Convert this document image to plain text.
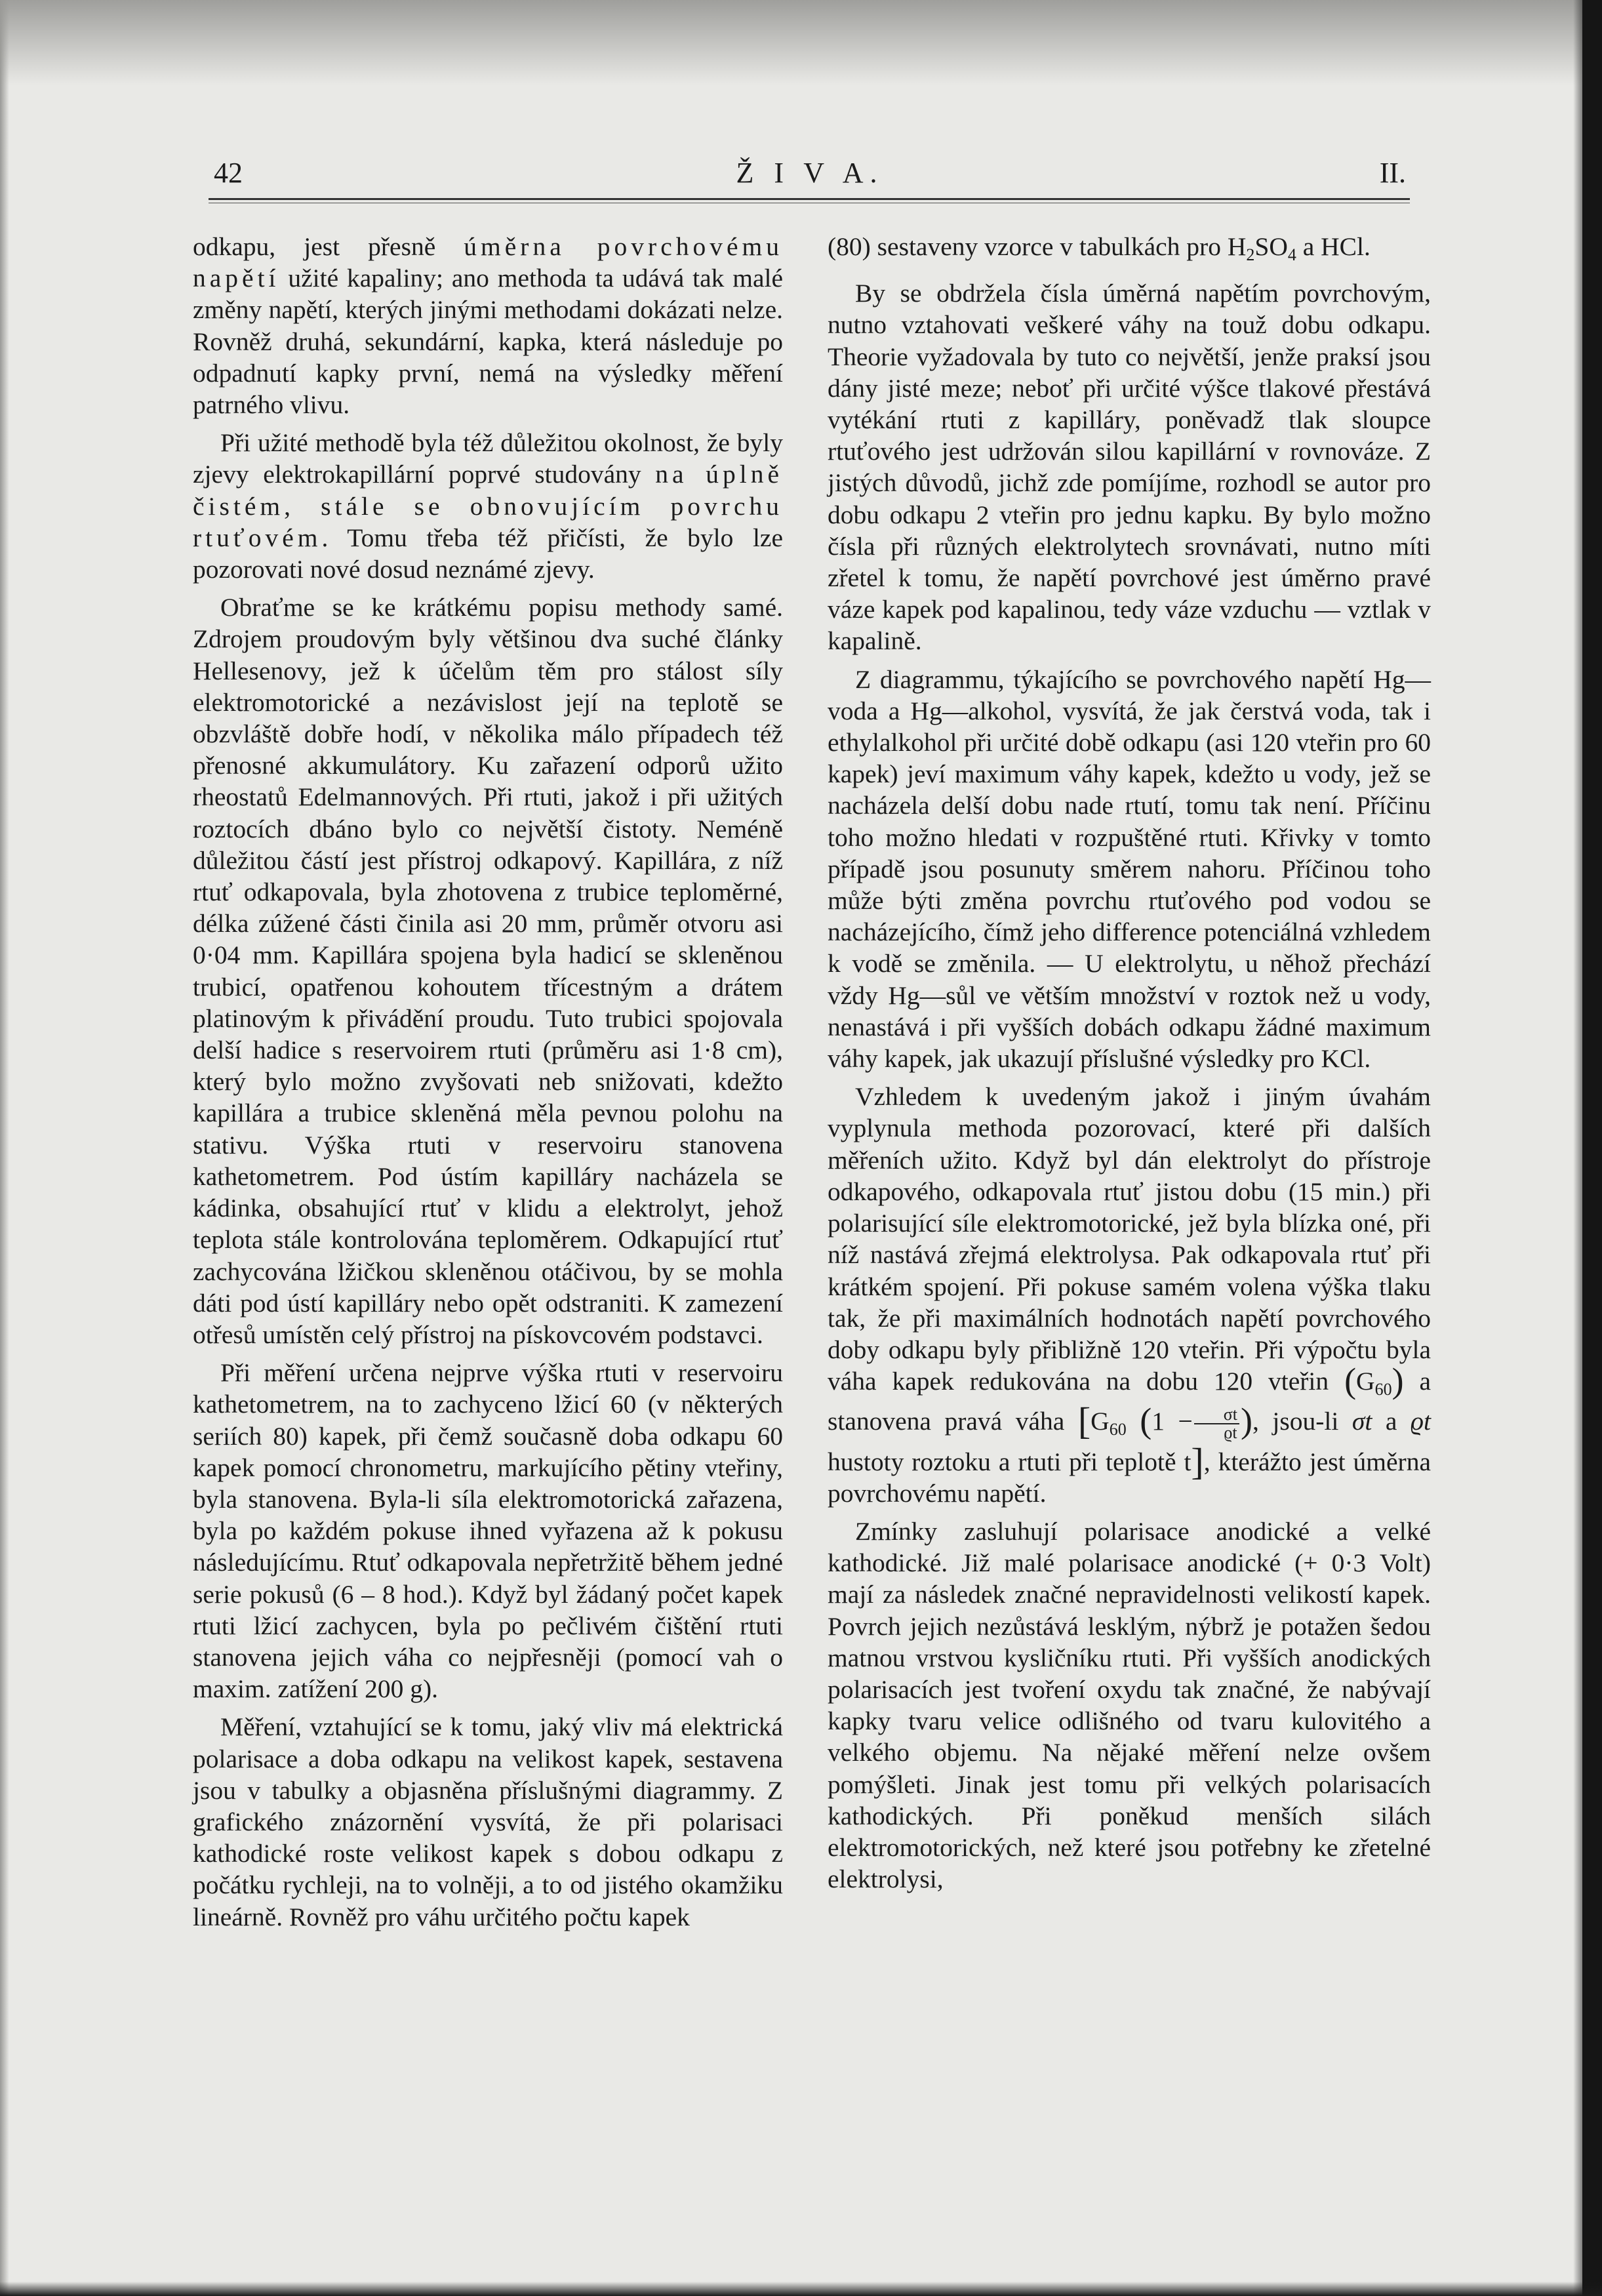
42	Ž I V A.	II.

odkapu, jest přesně úměrna povrchovému napětí užité kapaliny; ano methoda ta udává tak malé změny napětí, kterých jinými methodami dokázati nelze. Rovněž druhá, sekundární, kapka, která následuje po odpadnutí kapky první, nemá na výsledky měření patrného vlivu.

Při užité methodě byla též důležitou okolnost, že byly zjevy elektrokapillární poprvé studovány na úplně čistém, stále se obnovujícím povrchu rtuťovém. Tomu třeba též přičísti, že bylo lze pozorovati nové dosud neznámé zjevy.

Obraťme se ke krátkému popisu methody samé. Zdrojem proudovým byly většinou dva suché články Hellesenovy, jež k účelům těm pro stálost síly elektromotorické a nezávislost její na teplotě se obzvláště dobře hodí, v několika málo případech též přenosné akkumulátory. Ku zařazení odporů užito rheostatů Edelmannových. Při rtuti, jakož i při užitých roztocích dbáno bylo co největší čistoty. Neméně důležitou částí jest přístroj odkapový. Kapillára, z níž rtuť odkapovala, byla zhotovena z trubice teploměrné, délka zúžené části činila asi 20 mm, průměr otvoru asi 0·04 mm. Kapillára spojena byla hadicí se skleněnou trubicí, opatřenou kohoutem třícestným a drátem platinovým k přivádění proudu. Tuto trubici spojovala delší hadice s reservoirem rtuti (průměru asi 1·8 cm), který bylo možno zvyšovati neb snižovati, kdežto kapillára a trubice skleněná měla pevnou polohu na stativu. Výška rtuti v reservoiru stanovena kathetometrem. Pod ústím kapilláry nacházela se kádinka, obsahující rtuť v klidu a elektrolyt, jehož teplota stále kontrolována teploměrem. Odkapující rtuť zachycována lžičkou skleněnou otáčivou, by se mohla dáti pod ústí kapilláry nebo opět odstraniti. K zamezení otřesů umístěn celý přístroj na pískovcovém podstavci.

Při měření určena nejprve výška rtuti v reservoiru kathetometrem, na to zachyceno lžicí 60 (v některých seriích 80) kapek, při čemž současně doba odkapu 60 kapek pomocí chronometru, markujícího pětiny vteřiny, byla stanovena. Byla-li síla elektromotorická zařazena, byla po každém pokuse ihned vyřazena až k pokusu následujícímu. Rtuť odkapovala nepřetržitě během jedné serie pokusů (6 – 8 hod.). Když byl žádaný počet kapek rtuti lžicí zachycen, byla po pečlivém čištění rtuti stanovena jejich váha co nejpřesněji (pomocí vah o maxim. zatížení 200 g).

Měření, vztahující se k tomu, jaký vliv má elektrická polarisace a doba odkapu na velikost kapek, sestavena jsou v tabulky a objasněna příslušnými diagrammy. Z grafického znázornění vysvítá, že při polarisaci kathodické roste velikost kapek s dobou odkapu z počátku rychleji, na to volněji, a to od jistého okamžiku lineárně. Rovněž pro váhu určitého počtu kapek

(80) sestaveny vzorce v tabulkách pro $H_2SO_4$ a HCl.

By se obdržela čísla úměrná napětím povrchovým, nutno vztahovati veškeré váhy na touž dobu odkapu. Theorie vyžadovala by tuto co největší, jenže praksí jsou dány jisté meze; neboť při určité výšce tlakové přestává vytékání rtuti z kapilláry, poněvadž tlak sloupce rtuťového jest udržován silou kapillární v rovnováze. Z jistých důvodů, jichž zde pomíjíme, rozhodl se autor pro dobu odkapu 2 vteřin pro jednu kapku. By bylo možno čísla při různých elektrolytech srovnávati, nutno míti zřetel k tomu, že napětí povrchové jest úměrno pravé váze kapek pod kapalinou, tedy váze vzduchu — vztlak v kapalině.

Z diagrammu, týkajícího se povrchového napětí Hg—voda a Hg—alkohol, vysvítá, že jak čerstvá voda, tak i ethylalkohol při určité době odkapu (asi 120 vteřin pro 60 kapek) jeví maximum váhy kapek, kdežto u vody, jež se nacházela delší dobu nade rtutí, tomu tak není. Příčinu toho možno hledati v rozpuštěné rtuti. Křivky v tomto případě jsou posunuty směrem nahoru. Příčinou toho může býti změna povrchu rtuťového pod vodou se nacházejícího, čímž jeho difference potenciálná vzhledem k vodě se změnila. — U elektrolytu, u něhož přechází vždy Hg—sůl ve větším množství v roztok než u vody, nenastává i při vyšších dobách odkapu žádné maximum váhy kapek, jak ukazují příslušné výsledky pro KCl.

Vzhledem k uvedeným jakož i jiným úvahám vyplynula methoda pozorovací, které při dalších měřeních užito. Když byl dán elektrolyt do přístroje odkapového, odkapovala rtuť jistou dobu (15 min.) při polarisující síle elektromotorické, jež byla blízka oné, při níž nastává zřejmá elektrolysa. Pak odkapovala rtuť při krátkém spojení. Při pokuse samém volena výška tlaku tak, že při maximálních hodnotách napětí povrchového doby odkapu byly přibližně 120 vteřin. Při výpočtu byla váha kapek redukována na dobu 120 vteřin $(G_{60})$ a stanovena pravá váha [$G_{60}$ ($1 - \frac{\sigma t}{ϱt}$ ), jsou-li σt a ϱt hustoty roztoku a rtuti při teplotě t], kterážto jest úměrna povrchovému napětí.

Zmínky zasluhují polarisace anodické a velké kathodické. Již malé polarisace anodické (+ 0·3 Volt) mají za následek značné nepravidelnosti velikostí kapek. Povrch jejich nezůstává lesklým, nýbrž je potažen šedou matnou vrstvou kysličníku rtuti. Při vyšších anodických polarisacích jest tvoření oxydu tak značné, že nabývají kapky tvaru velice odlišného od tvaru kulovitého a velkého objemu. Na nějaké měření nelze ovšem pomýšleti. Jinak jest tomu při velkých polarisacích kathodických. Při poněkud menších silách elektromotorických, než které jsou potřebny ke zřetelné elektrolysi,
